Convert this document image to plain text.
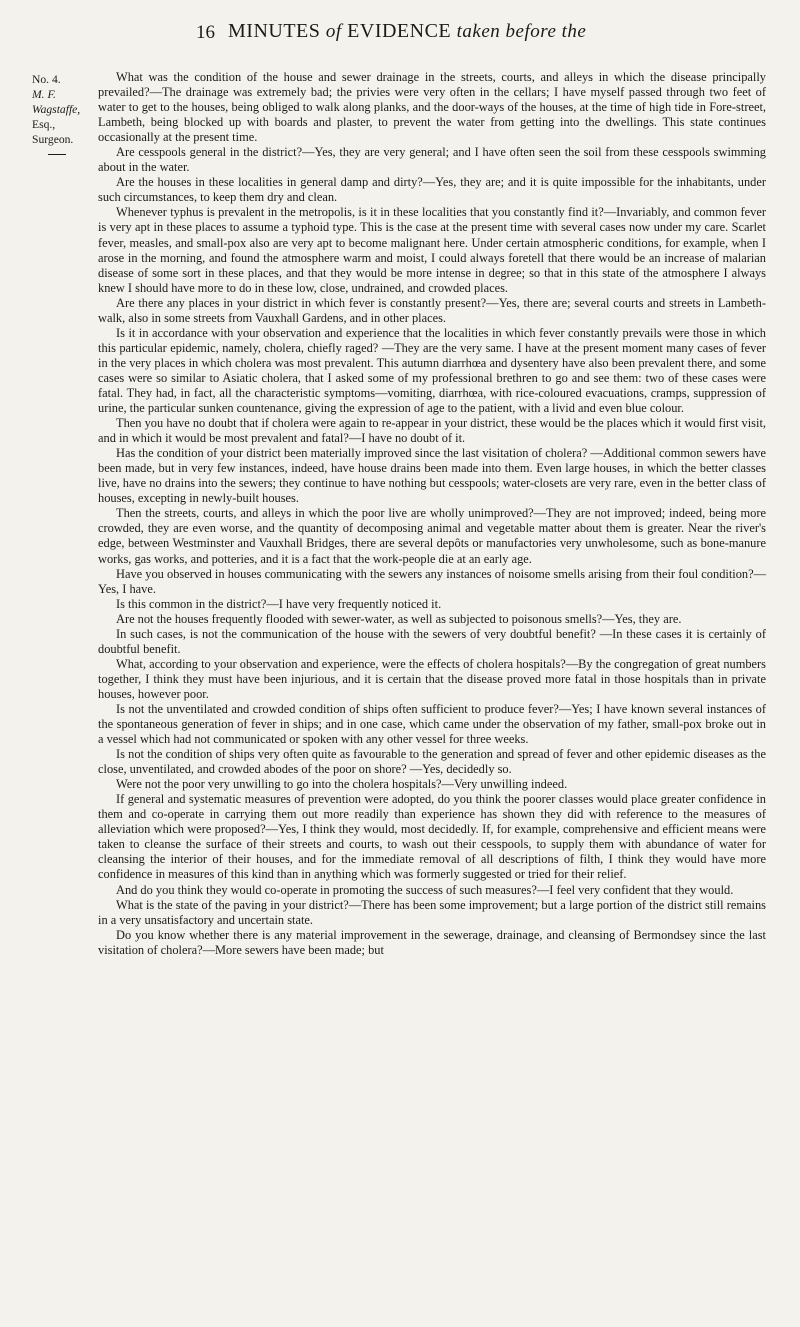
16 MINUTES of EVIDENCE taken before the
No. 4.
M. F. Wagstaffe,
Esq., Surgeon.

What was the condition of the house and sewer drainage in the streets, courts, and alleys in which the disease principally prevailed?—The drainage was extremely bad; the privies were very often in the cellars; I have myself passed through two feet of water to get to the houses, being obliged to walk along planks, and the door-ways of the houses, at the time of high tide in Fore-street, Lambeth, being blocked up with boards and plaster, to prevent the water from getting into the dwellings. This state continues occasionally at the present time.

Are cesspools general in the district?—Yes, they are very general; and I have often seen the soil from these cesspools swimming about in the water.

Are the houses in these localities in general damp and dirty?—Yes, they are; and it is quite impossible for the inhabitants, under such circumstances, to keep them dry and clean.

Whenever typhus is prevalent in the metropolis, is it in these localities that you constantly find it?—Invariably, and common fever is very apt in these places to assume a typhoid type. This is the case at the present time with several cases now under my care. Scarlet fever, measles, and small-pox also are very apt to become malignant here. Under certain atmospheric conditions, for example, when I arose in the morning, and found the atmosphere warm and moist, I could always foretell that there would be an increase of malarian disease of some sort in these places, and that they would be more intense in degree; so that in this state of the atmosphere I always knew I should have more to do in these low, close, undrained, and crowded places.

Are there any places in your district in which fever is constantly present?—Yes, there are; several courts and streets in Lambeth-walk, also in some streets from Vauxhall Gardens, and in other places.

Is it in accordance with your observation and experience that the localities in which fever constantly prevails were those in which this particular epidemic, namely, cholera, chiefly raged? —They are the very same. I have at the present moment many cases of fever in the very places in which cholera was most prevalent. This autumn diarrhœa and dysentery have also been prevalent there, and some cases were so similar to Asiatic cholera, that I asked some of my professional brethren to go and see them: two of these cases were fatal. They had, in fact, all the characteristic symptoms—vomiting, diarrhœa, with rice-coloured evacuations, cramps, suppression of urine, the particular sunken countenance, giving the expression of age to the patient, with a livid and even blue colour.

Then you have no doubt that if cholera were again to re-appear in your district, these would be the places which it would first visit, and in which it would be most prevalent and fatal?—I have no doubt of it.

Has the condition of your district been materially improved since the last visitation of cholera? —Additional common sewers have been made, but in very few instances, indeed, have house drains been made into them. Even large houses, in which the better classes live, have no drains into the sewers; they continue to have nothing but cesspools; water-closets are very rare, even in the better class of houses, excepting in newly-built houses.

Then the streets, courts, and alleys in which the poor live are wholly unimproved?—They are not improved; indeed, being more crowded, they are even worse, and the quantity of decomposing animal and vegetable matter about them is greater. Near the river's edge, between Westminster and Vauxhall Bridges, there are several depôts or manufactories very unwholesome, such as bone-manure works, gas works, and potteries, and it is a fact that the work-people die at an early age.

Have you observed in houses communicating with the sewers any instances of noisome smells arising from their foul condition?—Yes, I have.

Is this common in the district?—I have very frequently noticed it.

Are not the houses frequently flooded with sewer-water, as well as subjected to poisonous smells?—Yes, they are.

In such cases, is not the communication of the house with the sewers of very doubtful benefit? —In these cases it is certainly of doubtful benefit.

What, according to your observation and experience, were the effects of cholera hospitals?—By the congregation of great numbers together, I think they must have been injurious, and it is certain that the disease proved more fatal in those hospitals than in private houses, however poor.

Is not the unventilated and crowded condition of ships often sufficient to produce fever?—Yes; I have known several instances of the spontaneous generation of fever in ships; and in one case, which came under the observation of my father, small-pox broke out in a vessel which had not communicated or spoken with any other vessel for three weeks.

Is not the condition of ships very often quite as favourable to the generation and spread of fever and other epidemic diseases as the close, unventilated, and crowded abodes of the poor on shore? —Yes, decidedly so.

Were not the poor very unwilling to go into the cholera hospitals?—Very unwilling indeed.

If general and systematic measures of prevention were adopted, do you think the poorer classes would place greater confidence in them and co-operate in carrying them out more readily than experience has shown they did with reference to the measures of alleviation which were proposed?—Yes, I think they would, most decidedly. If, for example, comprehensive and efficient means were taken to cleanse the surface of their streets and courts, to wash out their cesspools, to supply them with abundance of water for cleansing the interior of their houses, and for the immediate removal of all descriptions of filth, I think they would have more confidence in measures of this kind than in anything which was formerly suggested or tried for their relief.

And do you think they would co-operate in promoting the success of such measures?—I feel very confident that they would.

What is the state of the paving in your district?—There has been some improvement; but a large portion of the district still remains in a very unsatisfactory and uncertain state.

Do you know whether there is any material improvement in the sewerage, drainage, and cleansing of Bermondsey since the last visitation of cholera?—More sewers have been made; but
